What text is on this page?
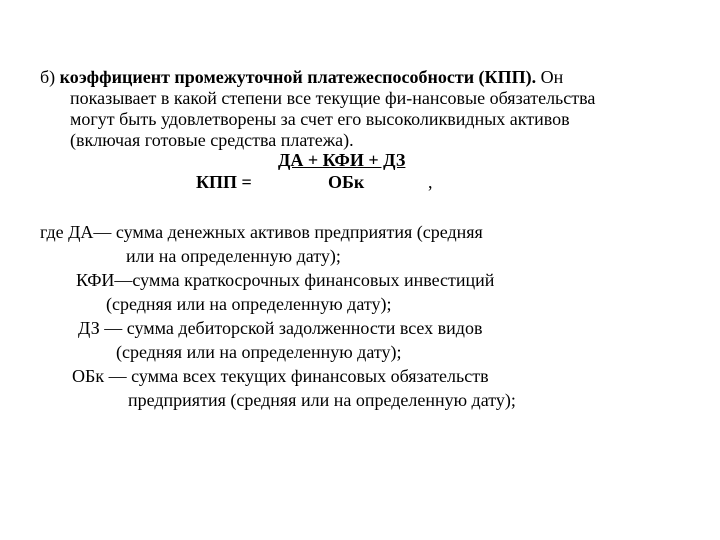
б) коэффициент промежуточной платежеспособности (КПП). Он
показывает в какой степени все текущие фи-нансовые обязательства
могут быть удовлетворены за счет его высоколиквидных активов
(включая готовые средства платежа).
ДА + КФИ + ДЗ
КПП =	ОБк	,
где ДА— сумма денежных активов предприятия (средняя
или на определенную дату);
КФИ—сумма краткосрочных финансовых инвестиций
(средняя или на определенную дату);
ДЗ — сумма дебиторской задолженности всех видов
(средняя или на определенную дату);
ОБк — сумма всех текущих финансовых обязательств
предприятия (средняя или на определенную дату);
